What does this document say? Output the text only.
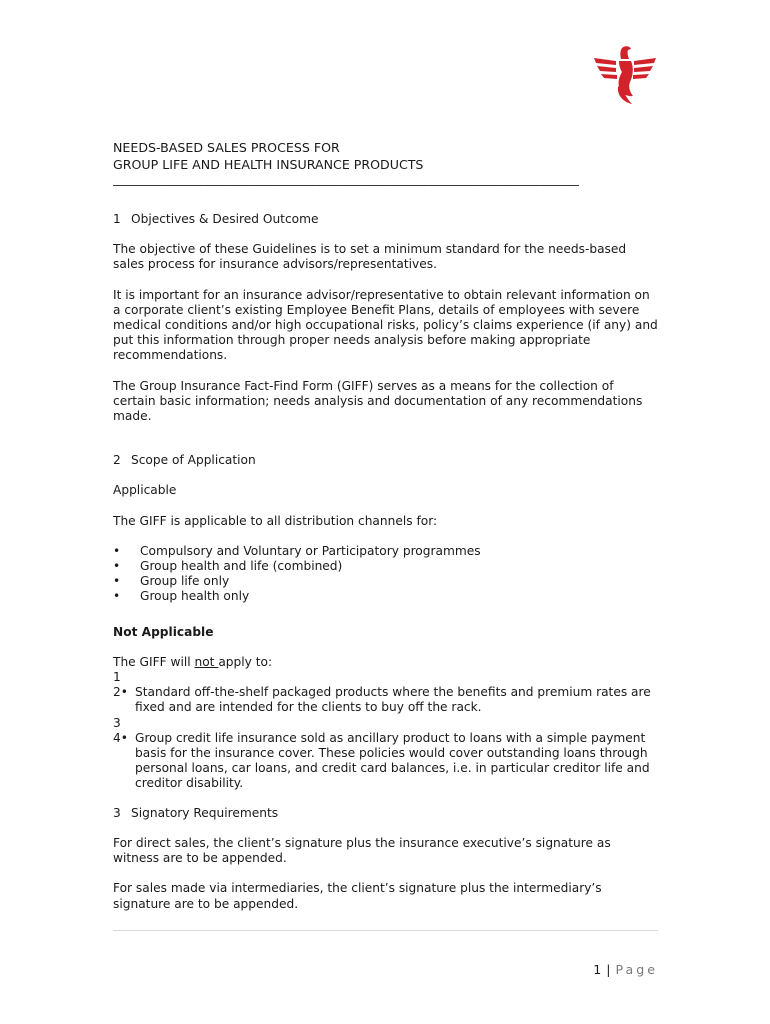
NEEDS-BASED SALES PROCESS FOR
GROUP LIFE AND HEALTH INSURANCE PRODUCTS
_______________________________________________________________________________
1 Objectives & Desired Outcome

The objective of these Guidelines is to set a minimum standard for the needs-based sales process for insurance advisors/representatives.

It is important for an insurance advisor/representative to obtain relevant information on a corporate client’s existing Employee Benefit Plans, details of employees with severe medical conditions and/or high occupational risks, policy’s claims experience (if any) and put this information through proper needs analysis before making appropriate recommendations.

The Group Insurance Fact-Find Form (GIFF) serves as a means for the collection of certain basic information; needs analysis and documentation of any recommendations made.

2 Scope of Application

Applicable

The GIFF is applicable to all distribution channels for:

•	Compulsory and Voluntary or Participatory programmes
•	Group health and life (combined)
•	Group life only
•	Group health only

Not Applicable

The GIFF will not apply to:

1

2• Standard off-the-shelf packaged products where the benefits and premium rates are fixed and are intended for the clients to buy off the rack.

3

4• Group credit life insurance sold as ancillary product to loans with a simple payment basis for the insurance cover. These policies would cover outstanding loans through personal loans, car loans, and credit card balances, i.e. in particular creditor life and creditor disability.
3 Signatory Requirements

For direct sales, the client’s signature plus the insurance executive’s signature as witness are to be appended.

For sales made via intermediaries, the client’s signature plus the intermediary’s signature are to be appended.

1 | Page
